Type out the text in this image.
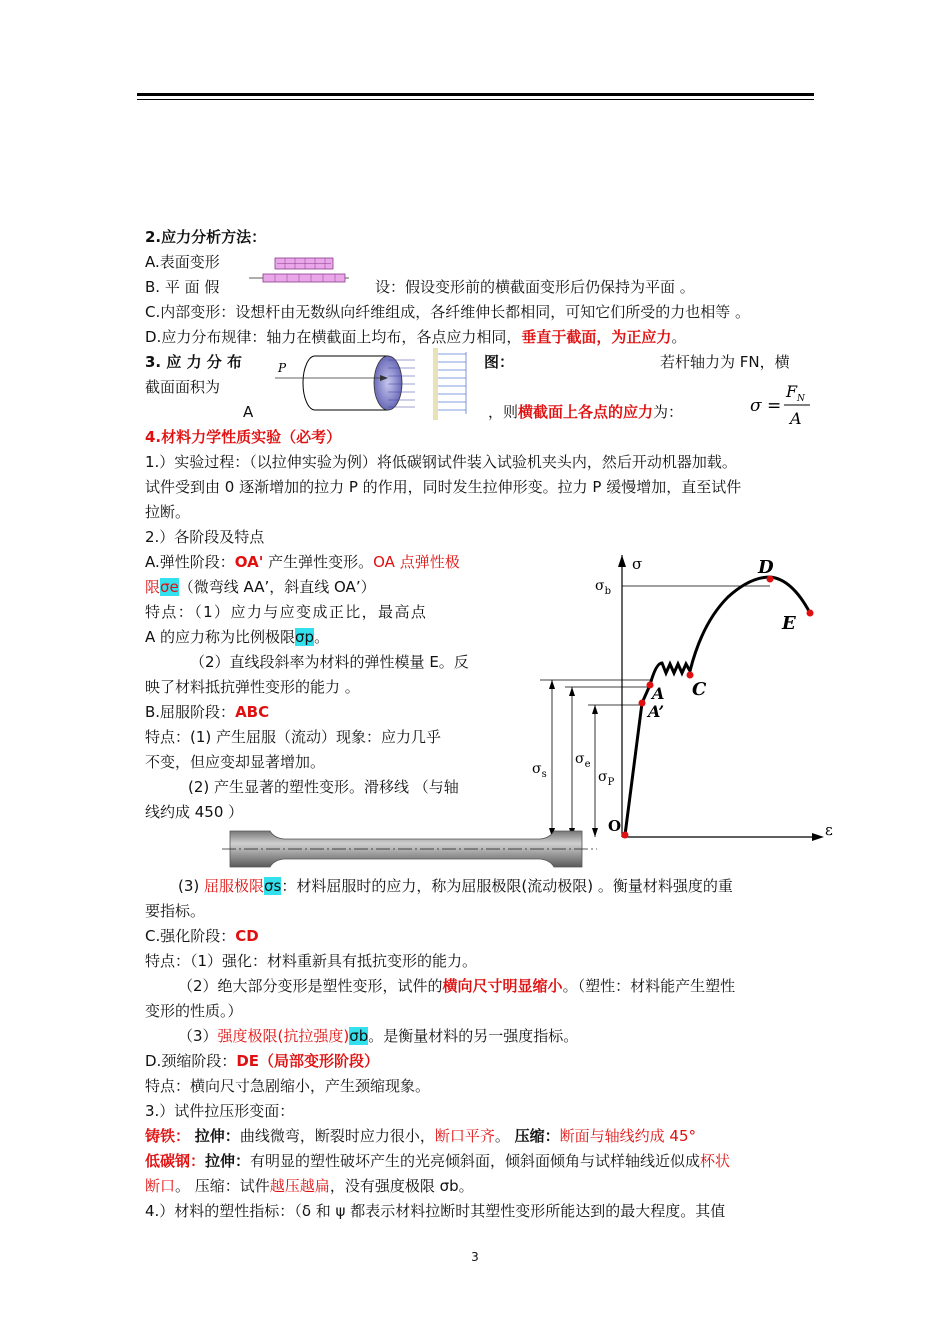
2.应力分析方法：
A.表面变形
B. 平 面 假	设：假设变形前的横截面变形后仍保持为平面 。
C.内部变形：设想杆由无数纵向纤维组成，各纤维伸长都相同，可知它们所受的力也相等 。
D.应力分布规律：轴力在横截面上均布，各点应力相同，垂直于截面，为正应力。
3. 应 力 分 布	图：	若杆轴力为 FN，横
截面面积为
A	，则横截面上各点的应力为：
P
σ =
F N
A
4.材料力学性质实验（必考）
1.）实验过程：（以拉伸实验为例）将低碳钢试件装入试验机夹头内，然后开动机器加载。
试件受到由 0 逐渐增加的拉力 P 的作用，同时发生拉伸形变。拉力 P 缓慢增加，直至试件
拉断。
2.）各阶段及特点
A.弹性阶段：OA' 产生弹性变形。OA 点弹性极
限σe（微弯线 AA’，斜直线 OA’）
特点：（1）应力与应变成正比，最高点
A 的应力称为比例极限σp。
（2）直线段斜率为材料的弹性模量 E。反
映了材料抵抗弹性变形的能力 。
B.屈服阶段：ABC
特点：(1) 产生屈服（流动）现象：应力几乎
不变，但应变却显著增加。
(2) 产生显著的塑性变形。滑移线 （与轴
线约成 450 ）
σ
ε
$\sigma_b$
$\sigma_s$
$\sigma_e$
$\sigma_P$
O
A
A’
C
D
E
(3) 屈服极限σs：材料屈服时的应力，称为屈服极限(流动极限) 。衡量材料强度的重
要指标。
C.强化阶段：CD
特点：（1）强化：材料重新具有抵抗变形的能力。
（2）绝大部分变形是塑性变形，试件的横向尺寸明显缩小。（塑性：材料能产生塑性
变形的性质。）
（3）强度极限(抗拉强度)σb。是衡量材料的另一强度指标。
D.颈缩阶段：DE（局部变形阶段）
特点：横向尺寸急剧缩小，产生颈缩现象。
3.）试件拉压形变面：
铸铁： 拉伸：曲线微弯，断裂时应力很小，断口平齐。 压缩：断面与轴线约成 45°
低碳钢：拉伸：有明显的塑性破坏产生的光亮倾斜面，倾斜面倾角与试样轴线近似成杯状
断口。 压缩：试件越压越扁，没有强度极限 σb。
4.）材料的塑性指标：（δ 和 ψ 都表示材料拉断时其塑性变形所能达到的最大程度。其值
3
